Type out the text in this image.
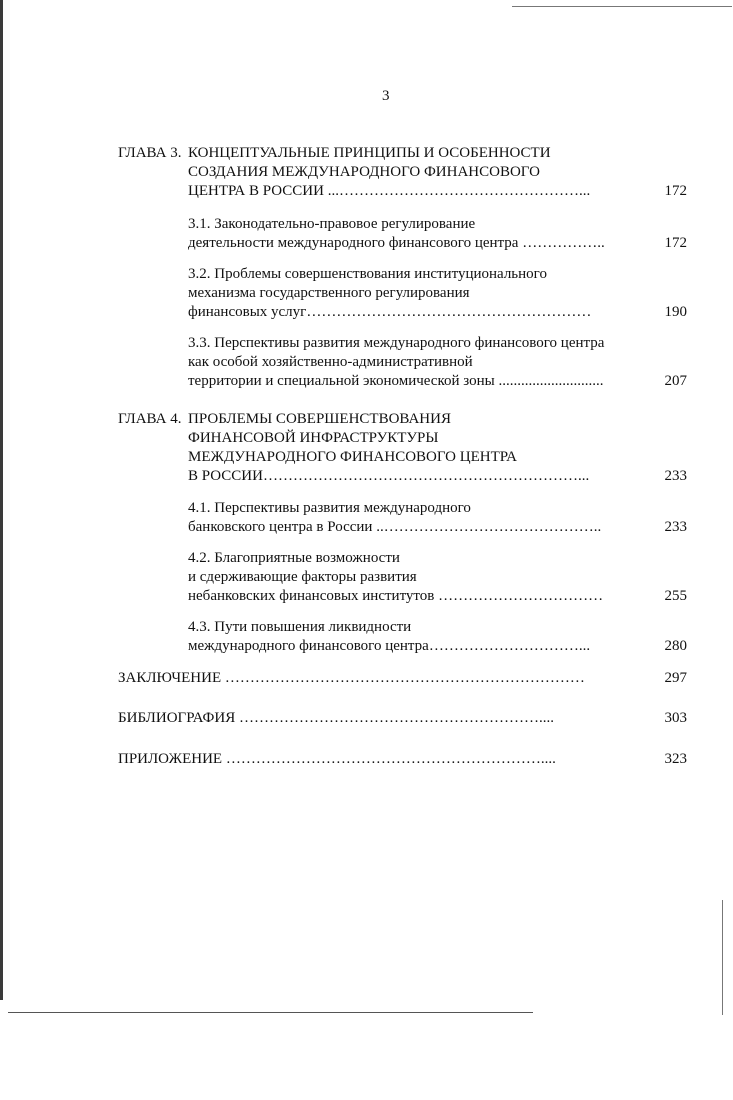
3
ГЛАВА 3. КОНЦЕПТУАЛЬНЫЕ ПРИНЦИПЫ И ОСОБЕННОСТИ
СОЗДАНИЯ МЕЖДУНАРОДНОГО ФИНАНСОВОГО
ЦЕНТРА В РОССИИ ...…………………………………………...	172
3.1. Законодательно-правовое регулирование
деятельности международного финансового центра ……………..	172
3.2. Проблемы совершенствования институционального
механизма государственного регулирования
финансовых услуг…………………………………………………	190
3.3. Перспективы развития международного финансового центра
как особой хозяйственно-административной
территории и специальной экономической зоны ............................	207
ГЛАВА 4. ПРОБЛЕМЫ СОВЕРШЕНСТВОВАНИЯ
ФИНАНСОВОЙ ИНФРАСТРУКТУРЫ
МЕЖДУНАРОДНОГО ФИНАНСОВОГО ЦЕНТРА
В РОССИИ………………………………………………………...	233
4.1. Перспективы развития международного
банковского центра в России ..……………………………………..	233
4.2. Благоприятные возможности
и сдерживающие факторы развития
небанковских финансовых институтов ……………………………	255
4.3. Пути повышения ликвидности
международного финансового центра…………………………...	280
ЗАКЛЮЧЕНИЕ ………………………………………………………………	297
БИБЛИОГРАФИЯ ……………………………………………………....	303
ПРИЛОЖЕНИЕ ………………………………………………………....	323
